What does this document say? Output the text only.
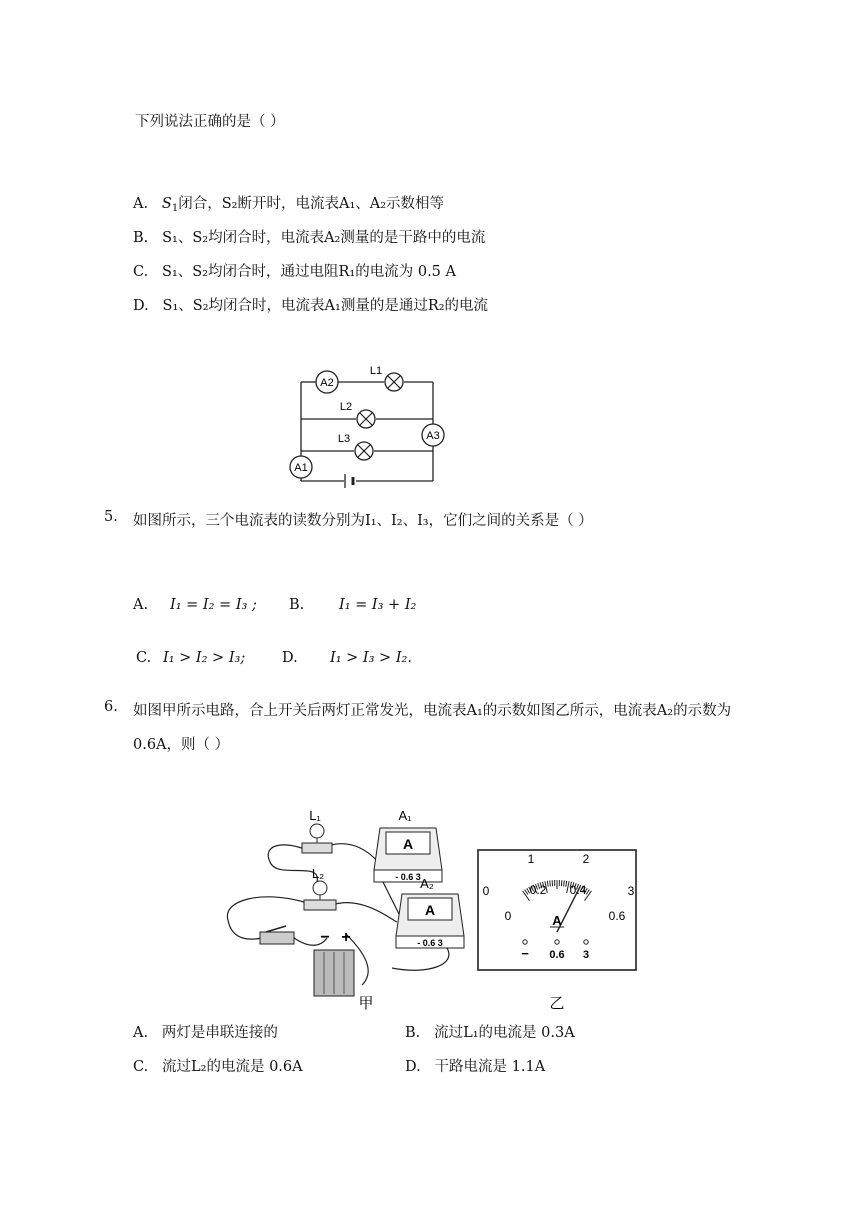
下列说法正确的是（ ）
A. $S_1$闭合，S₂断开时，电流表A₁、A₂示数相等
B. S₁、S₂均闭合时，电流表A₂测量的是干路中的电流
C. S₁、S₂均闭合时，通过电阻R₁的电流为 0.5 A
D. S₁、S₂均闭合时，电流表A₁测量的是通过R₂的电流
A2
A1
A3
L1
L2
L3
5. 如图所示，三个电流表的读数分别为I₁、I₂、I₃，它们之间的关系是（ ）
A. I₁ = I₂ = I₃ ; B. I₁ = I₃ + I₂
C. I₁ > I₂ > I₃;	D. I₁ > I₃ > I₂.
6. 如图甲所示电路，合上开关后两灯正常发光，电流表A₁的示数如图乙所示，电流表A₂的示数为
0.6A，则（ ）
L₁
L₂
A
- 0.6 3
A₁
A
- 0.6 3
A₂
− +
甲
0
1	2
3
0
0.2 0.4
0.6
A
− 0.6 3
乙
A. 两灯是串联连接的	B. 流过L₁的电流是 0.3A
C. 流过L₂的电流是 0.6A	D. 干路电流是 1.1A
